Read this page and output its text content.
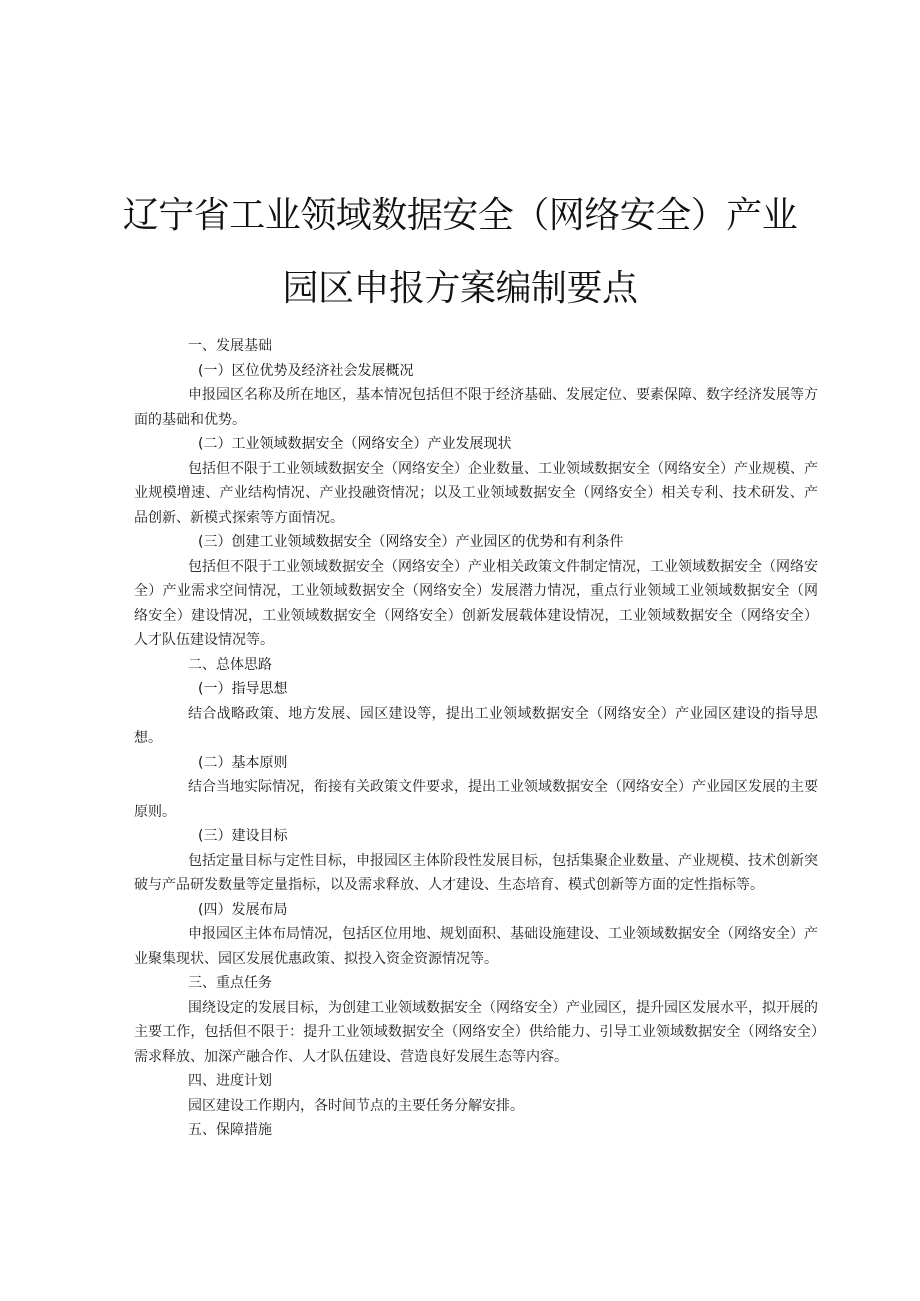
辽宁省工业领域数据安全（网络安全）产业
园区申报方案编制要点

一、发展基础

(一）区位优势及经济社会发展概况

申报园区名称及所在地区，基本情况包括但不限于经济基础、发展定位、要素保障、数字经济发展等方面的基础和优势。

(二）工业领域数据安全（网络安全）产业发展现状

包括但不限于工业领域数据安全（网络安全）企业数量、工业领域数据安全（网络安全）产业规模、产业规模增速、产业结构情况、产业投融资情况；以及工业领域数据安全（网络安全）相关专利、技术研发、产品创新、新模式探索等方面情况。

(三）创建工业领域数据安全（网络安全）产业园区的优势和有利条件

包括但不限于工业领域数据安全（网络安全）产业相关政策文件制定情况，工业领域数据安全（网络安全）产业需求空间情况，工业领域数据安全（网络安全）发展潜力情况，重点行业领域工业领域数据安全（网络安全）建设情况，工业领域数据安全（网络安全）创新发展载体建设情况，工业领域数据安全（网络安全）人才队伍建设情况等。

二、总体思路

(一）指导思想

结合战略政策、地方发展、园区建设等，提出工业领域数据安全（网络安全）产业园区建设的指导思想。

(二）基本原则

结合当地实际情况，衔接有关政策文件要求，提出工业领域数据安全（网络安全）产业园区发展的主要原则。

(三）建设目标

包括定量目标与定性目标，申报园区主体阶段性发展目标，包括集聚企业数量、产业规模、技术创新突破与产品研发数量等定量指标，以及需求释放、人才建设、生态培育、模式创新等方面的定性指标等。

(四）发展布局

申报园区主体布局情况，包括区位用地、规划面积、基础设施建设、工业领域数据安全（网络安全）产业聚集现状、园区发展优惠政策、拟投入资金资源情况等。

三、重点任务

围绕设定的发展目标，为创建工业领域数据安全（网络安全）产业园区，提升园区发展水平，拟开展的主要工作，包括但不限于：提升工业领域数据安全（网络安全）供给能力、引导工业领域数据安全（网络安全）需求释放、加深产融合作、人才队伍建设、营造良好发展生态等内容。

四、进度计划

园区建设工作期内，各时间节点的主要任务分解安排。

五、保障措施
